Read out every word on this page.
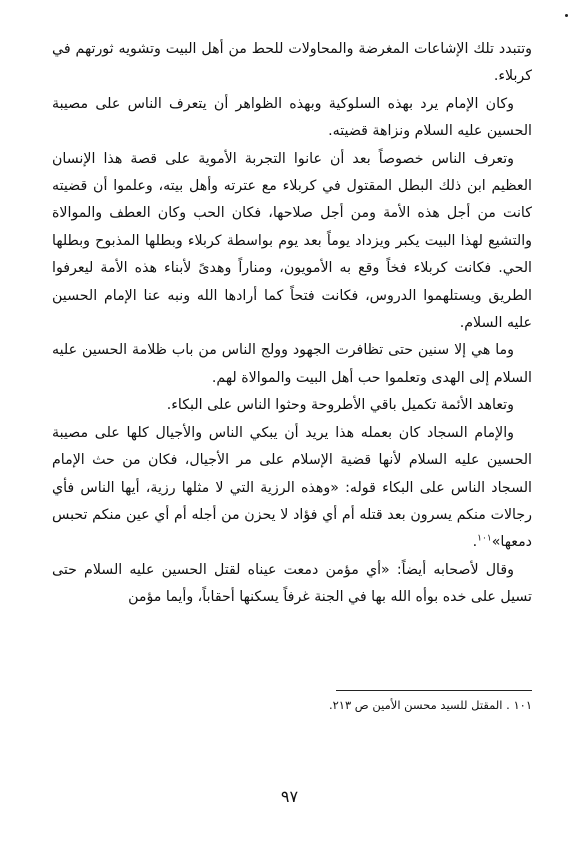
وتتبدد تلك الإشاعات المغرضة والمحاولات للحط من أهل البيت وتشويه ثورتهم في كربلاء.

وكان الإمام يرد بهذه السلوكية وبهذه الظواهر أن يتعرف الناس على مصيبة الحسين عليه السلام ونزاهة قضيته.

وتعرف الناس خصوصاً بعد أن عانوا التجربة الأموية على قصة هذا الإنسان العظيم ابن ذلك البطل المقتول في كربلاء مع عترته وأهل بيته، وعلموا أن قضيته كانت من أجل هذه الأمة ومن أجل صلاحها، فكان الحب وكان العطف والموالاة والتشيع لهذا البيت يكبر ويزداد يوماً بعد يوم بواسطة كربلاء وبطلها المذبوح وبطلها الحي. فكانت كربلاء فخاً وقع به الأمويون، ومناراً وهدىً لأبناء هذه الأمة ليعرفوا الطريق ويستلهموا الدروس، فكانت فتحاً كما أرادها الله ونبه عنا الإمام الحسين عليه السلام.

وما هي إلا سنين حتى تظافرت الجهود وولج الناس من باب ظلامة الحسين عليه السلام إلى الهدى وتعلموا حب أهل البيت والموالاة لهم.

وتعاهد الأئمة تكميل باقي الأطروحة وحثوا الناس على البكاء.

والإمام السجاد كان بعمله هذا يريد أن يبكي الناس والأجيال كلها على مصيبة الحسين عليه السلام لأنها قضية الإسلام على مر الأجيال، فكان من حث الإمام السجاد الناس على البكاء قوله: «وهذه الرزية التي لا مثلها رزية، أيها الناس فأي رجالات منكم يسرون بعد قتله أم أي فؤاد لا يحزن من أجله أم أي عين منكم تحبس دمعها»$^{١٠١}$.

وقال لأصحابه أيضاً: «أي مؤمن دمعت عيناه لقتل الحسين عليه السلام حتى تسيل على خده بوأه الله بها في الجنة غرفاً يسكنها أحقاباً، وأيما مؤمن

١٠١ . المقتل للسيد محسن الأمين ص ٢١٣.
٩٧
